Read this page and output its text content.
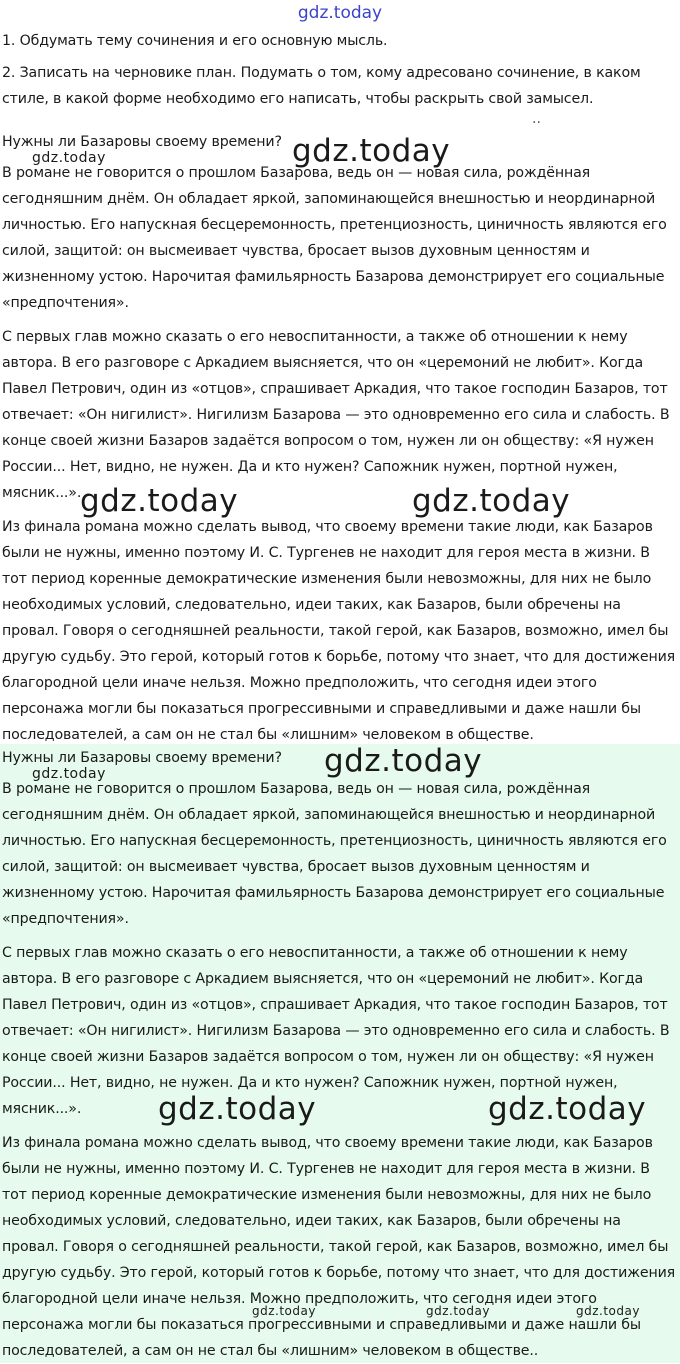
gdz.today
1. Обдумать тему сочинения и его основную мысль.
2. Записать на черновике план. Подумать о том, кому адресовано сочинение, в каком стиле, в какой форме необходимо его написать, чтобы раскрыть свой замысел.
..
Нужны ли Базаровы своему времени?

В романе не говорится о прошлом Базарова, ведь он — новая сила, рождённая сегодняшним днём. Он обладает яркой, запоминающейся внешностью и неординарной личностью. Его напускная бесцеремонность, претенциозность, циничность являются его силой, защитой: он высмеивает чувства, бросает вызов духовным ценностям и жизненному устою. Нарочитая фамильярность Базарова демонстрирует его социальные «предпочтения».

С первых глав можно сказать о его невоспитанности, а также об отношении к нему автора. В его разговоре с Аркадием выясняется, что он «церемоний не любит». Когда Павел Петрович, один из «отцов», спрашивает Аркадия, что такое господин Базаров, тот отвечает: «Он нигилист». Нигилизм Базарова — это одновременно его сила и слабость. В конце своей жизни Базаров задаётся вопросом о том, нужен ли он обществу: «Я нужен России... Нет, видно, не нужен. Да и кто нужен? Сапожник нужен, портной нужен, мясник...».

Из финала романа можно сделать вывод, что своему времени такие люди, как Базаров были не нужны, именно поэтому И. С. Тургенев не находит для героя места в жизни. В тот период коренные демократические изменения были невозможны, для них не было необходимых условий, следовательно, идеи таких, как Базаров, были обречены на провал. Говоря о сегодняшней реальности, такой герой, как Базаров, возможно, имел бы другую судьбу. Это герой, который готов к борьбе, потому что знает, что для достижения благородной цели иначе нельзя. Можно предположить, что сегодня идеи этого персонажа могли бы показаться прогрессивными и справедливыми и даже нашли бы последователей, а сам он не стал бы «лишним» человеком в обществе.

gdz.today	gdz.today
gdz.today	gdz.today
Нужны ли Базаровы своему времени?

В романе не говорится о прошлом Базарова, ведь он — новая сила, рождённая сегодняшним днём. Он обладает яркой, запоминающейся внешностью и неординарной личностью. Его напускная бесцеремонность, претенциозность, циничность являются его силой, защитой: он высмеивает чувства, бросает вызов духовным ценностям и жизненному устою. Нарочитая фамильярность Базарова демонстрирует его социальные «предпочтения».

С первых глав можно сказать о его невоспитанности, а также об отношении к нему автора. В его разговоре с Аркадием выясняется, что он «церемоний не любит». Когда Павел Петрович, один из «отцов», спрашивает Аркадия, что такое господин Базаров, тот отвечает: «Он нигилист». Нигилизм Базарова — это одновременно его сила и слабость. В конце своей жизни Базаров задаётся вопросом о том, нужен ли он обществу: «Я нужен России... Нет, видно, не нужен. Да и кто нужен? Сапожник нужен, портной нужен, мясник...».

Из финала романа можно сделать вывод, что своему времени такие люди, как Базаров были не нужны, именно поэтому И. С. Тургенев не находит для героя места в жизни. В тот период коренные демократические изменения были невозможны, для них не было необходимых условий, следовательно, идеи таких, как Базаров, были обречены на провал. Говоря о сегодняшней реальности, такой герой, как Базаров, возможно, имел бы другую судьбу. Это герой, который готов к борьбе, потому что знает, что для достижения благородной цели иначе нельзя. Можно предположить, что сегодня идеи этого персонажа могли бы показаться прогрессивными и справедливыми и даже нашли бы последователей, а сам он не стал бы «лишним» человеком в обществе..

gdz.today	gdz.today
gdz.today	gdz.today
gdz.today	gdz.today	gdz.today
